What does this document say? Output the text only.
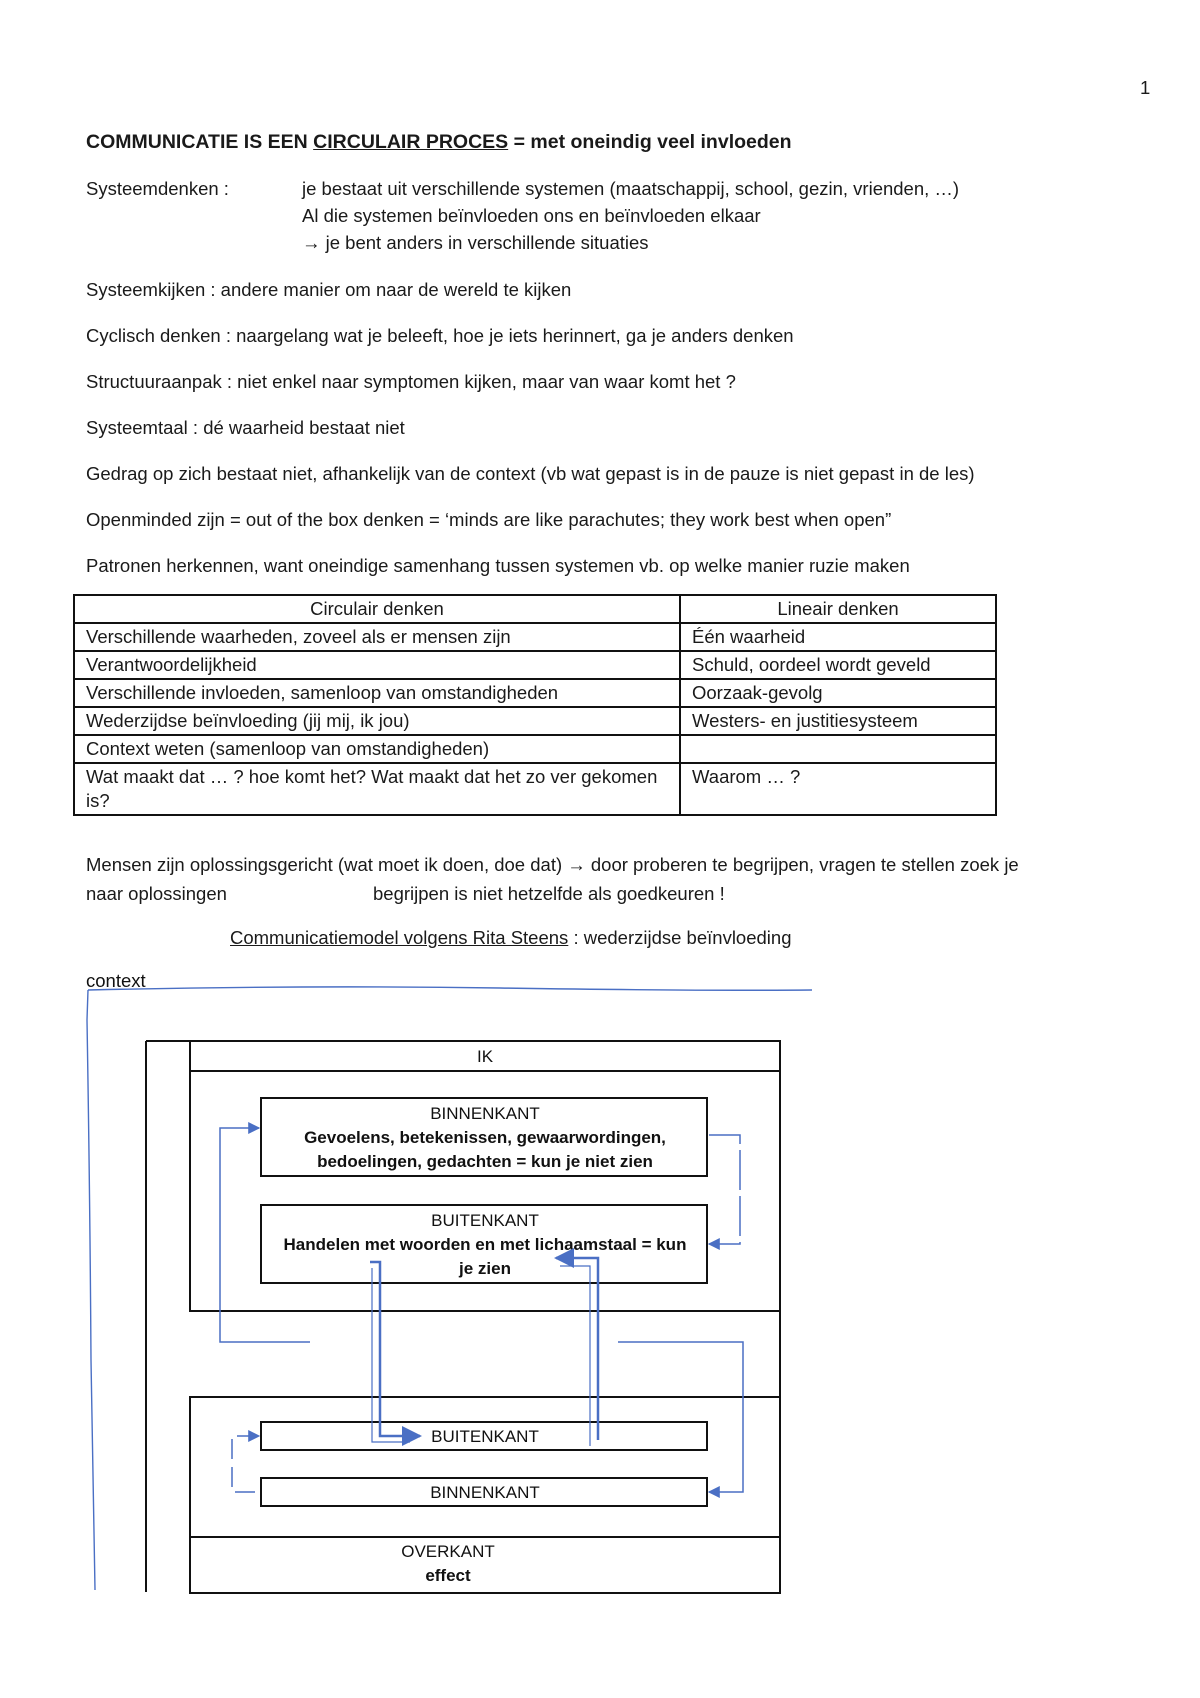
1
COMMUNICATIE IS EEN CIRCULAIR PROCES = met oneindig veel invloeden
Systeemdenken :	je bestaat uit verschillende systemen (maatschappij, school, gezin, vrienden, …)
Al die systemen beïnvloeden ons en beïnvloeden elkaar
→ je bent anders in verschillende situaties
Systeemkijken : andere manier om naar de wereld te kijken
Cyclisch denken : naargelang wat je beleeft, hoe je iets herinnert, ga je anders denken
Structuuraanpak : niet enkel naar symptomen kijken, maar van waar komt het ?
Systeemtaal : dé waarheid bestaat niet
Gedrag op zich bestaat niet, afhankelijk van de context (vb wat gepast is in de pauze is niet gepast in de les)
Openminded zijn = out of the box denken = ‘minds are like parachutes; they work best when open”
Patronen herkennen, want oneindige samenhang tussen systemen vb. op welke manier ruzie maken
Circulair denken	Lineair denken
Verschillende waarheden, zoveel als er mensen zijn	Één waarheid
Verantwoordelijkheid	Schuld, oordeel wordt geveld
Verschillende invloeden, samenloop van omstandigheden	Oorzaak-gevolg
Wederzijdse beïnvloeding (jij mij, ik jou)	Westers- en justitiesysteem
Context weten (samenloop van omstandigheden)	
Wat maakt dat … ? hoe komt het? Wat maakt dat het zo ver gekomen is?	Waarom … ?
Mensen zijn oplossingsgericht (wat moet ik doen, doe dat) → door proberen te begrijpen, vragen te stellen zoek je
naar oplossingen	begrijpen is niet hetzelfde als goedkeuren !
Communicatiemodel volgens Rita Steens : wederzijdse beïnvloeding
context
IK
BINNENKANT
Gevoelens, betekenissen, gewaarwordingen,
bedoelingen, gedachten = kun je niet zien
BUITENKANT
Handelen met woorden en met lichaamstaal = kun
je zien
BUITENKANT
BINNENKANT
OVERKANT
effect
